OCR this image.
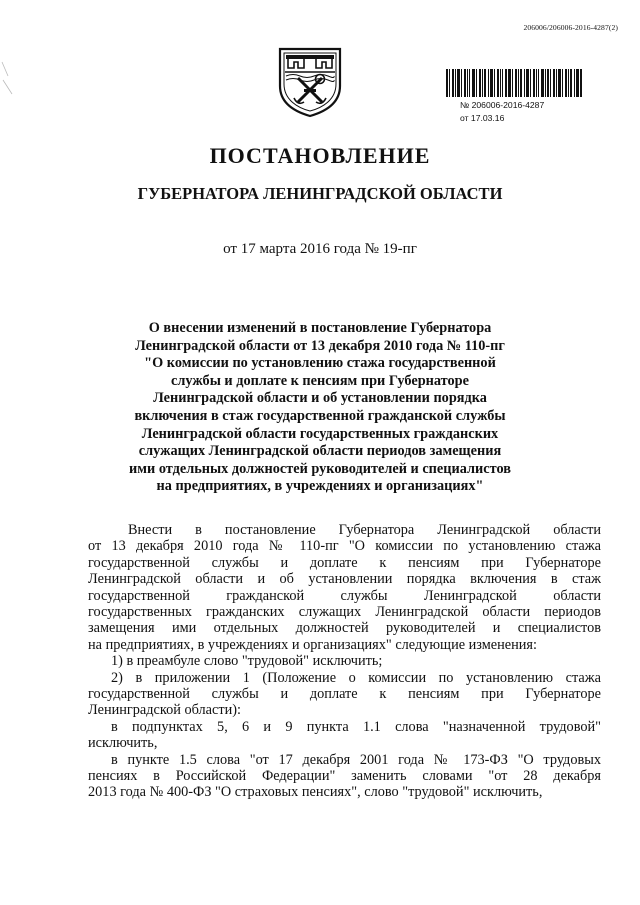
206006/206006-2016-4287(2)
№ 206006-2016-4287
от 17.03.16
ПОСТАНОВЛЕНИЕ
ГУБЕРНАТОРА ЛЕНИНГРАДСКОЙ ОБЛАСТИ
от 17 марта 2016 года № 19-пг
О внесении изменений в постановление Губернатора
Ленинградской области от 13 декабря 2010 года № 110-пг
"О комиссии по установлению стажа государственной
службы и доплате к пенсиям при Губернаторе
Ленинградской области и об установлении порядка
включения в стаж государственной гражданской службы
Ленинградской области государственных гражданских
служащих Ленинградской области периодов замещения
ими отдельных должностей руководителей и специалистов
на предприятиях, в учреждениях и организациях"
Внести в постановление Губернатора Ленинградской области
от 13 декабря 2010 года № 110-пг "О комиссии по установлению стажа
государственной службы и доплате к пенсиям при Губернаторе
Ленинградской области и об установлении порядка включения в стаж
государственной гражданской службы Ленинградской области
государственных гражданских служащих Ленинградской области периодов
замещения ими отдельных должностей руководителей и специалистов
на предприятиях, в учреждениях и организациях" следующие изменения:
1) в преамбуле слово "трудовой" исключить;
2) в приложении 1 (Положение о комиссии по установлению стажа
государственной службы и доплате к пенсиям при Губернаторе
Ленинградской области):
в подпунктах 5, 6 и 9 пункта 1.1 слова "назначенной трудовой"
исключить,
в пункте 1.5 слова "от 17 декабря 2001 года № 173-ФЗ "О трудовых
пенсиях в Российской Федерации" заменить словами "от 28 декабря
2013 года № 400-ФЗ "О страховых пенсиях", слово "трудовой" исключить,
